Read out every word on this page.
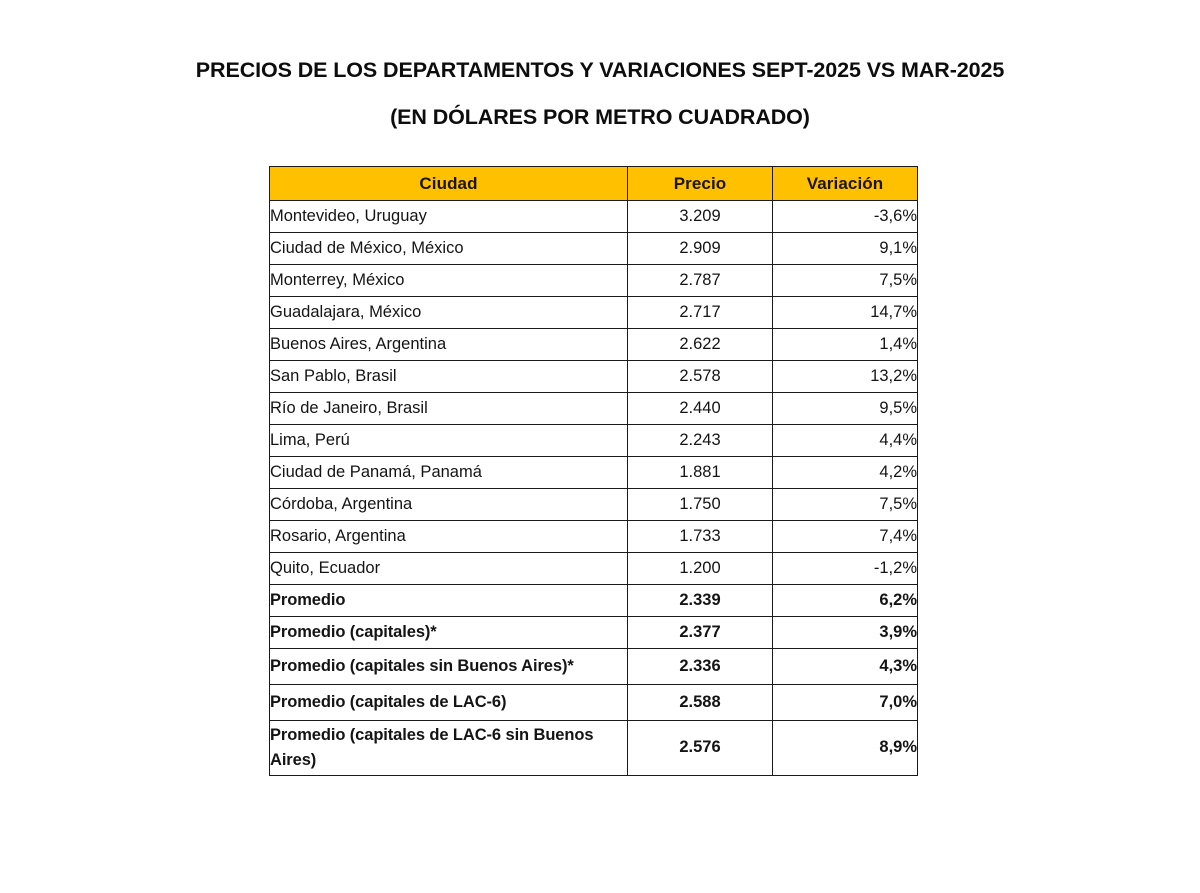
PRECIOS DE LOS DEPARTAMENTOS Y VARIACIONES SEPT-2025 VS MAR-2025
(EN DÓLARES POR METRO CUADRADO)
Ciudad	Precio	Variación
Montevideo, Uruguay	3.209	-3,6%
Ciudad de México, México	2.909	9,1%
Monterrey, México	2.787	7,5%
Guadalajara, México	2.717	14,7%
Buenos Aires, Argentina	2.622	1,4%
San Pablo, Brasil	2.578	13,2%
Río de Janeiro, Brasil	2.440	9,5%
Lima, Perú	2.243	4,4%
Ciudad de Panamá, Panamá	1.881	4,2%
Córdoba, Argentina	1.750	7,5%
Rosario, Argentina	1.733	7,4%
Quito, Ecuador	1.200	-1,2%
Promedio	2.339	6,2%
Promedio (capitales)*	2.377	3,9%
Promedio (capitales sin Buenos Aires)*	2.336	4,3%
Promedio (capitales de LAC-6)	2.588	7,0%
Promedio (capitales de LAC-6 sin Buenos Aires)	2.576	8,9%
